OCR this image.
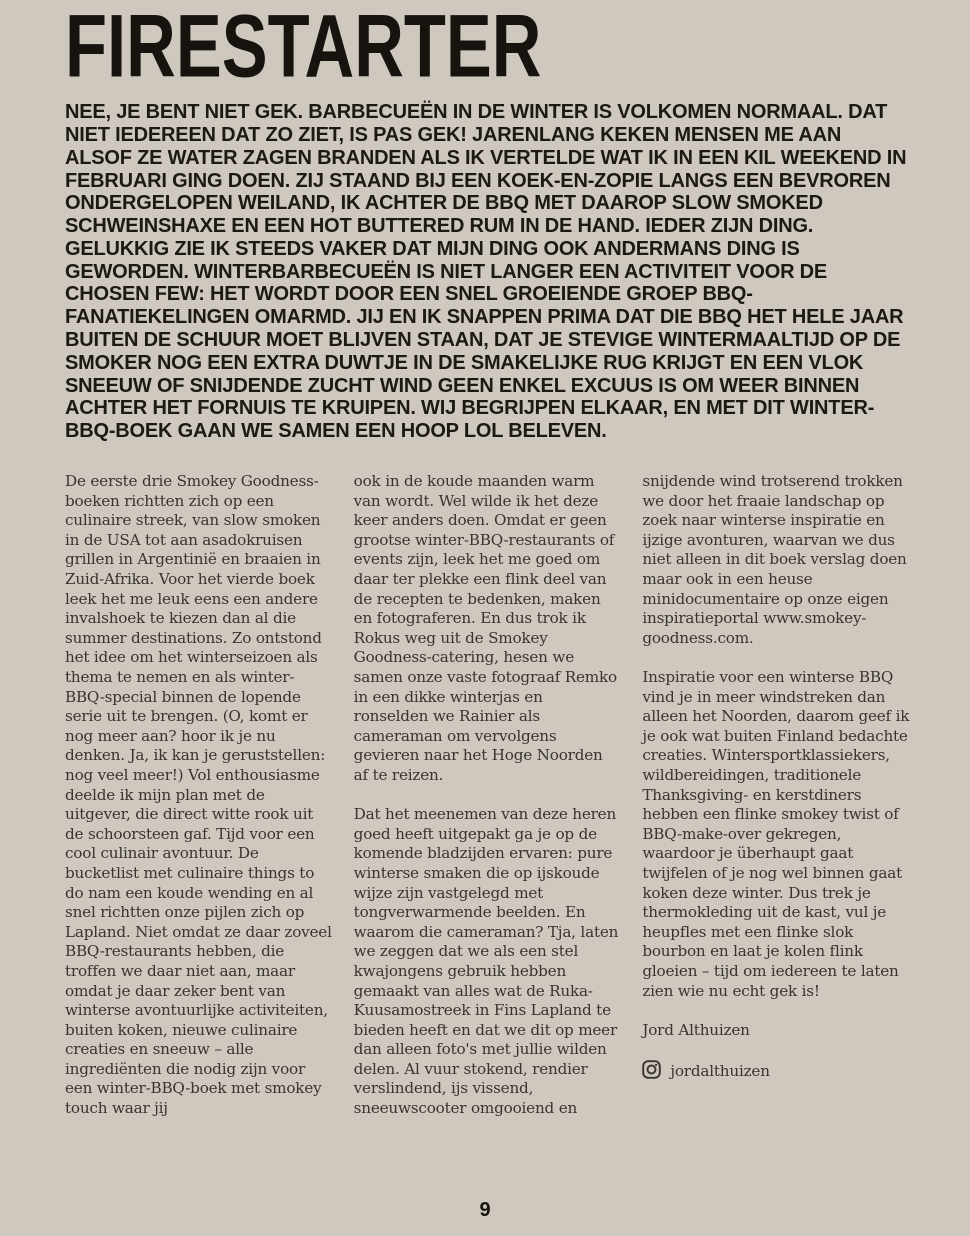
FIRESTARTER
NEE, JE BENT NIET GEK. BARBECUEËN IN DE WINTER IS VOLKOMEN NORMAAL. DAT NIET IEDEREEN DAT ZO ZIET, IS PAS GEK! JARENLANG KEKEN MENSEN ME AAN ALSOF ZE WATER ZAGEN BRANDEN ALS IK VERTELDE WAT IK IN EEN KIL WEEKEND IN FEBRUARI GING DOEN. ZIJ STAAND BIJ EEN KOEK-EN-ZOPIE LANGS EEN BEVROREN ONDERGELOPEN WEILAND, IK ACHTER DE BBQ MET DAAROP SLOW SMOKED SCHWEINSHAXE EN EEN HOT BUTTERED RUM IN DE HAND. IEDER ZIJN DING. GELUKKIG ZIE IK STEEDS VAKER DAT MIJN DING OOK ANDERMANS DING IS GEWORDEN. WINTERBARBECUEËN IS NIET LANGER EEN ACTIVITEIT VOOR DE CHOSEN FEW: HET WORDT DOOR EEN SNEL GROEIENDE GROEP BBQ-FANATIEKELINGEN OMARMD. JIJ EN IK SNAPPEN PRIMA DAT DIE BBQ HET HELE JAAR BUITEN DE SCHUUR MOET BLIJVEN STAAN, DAT JE STEVIGE WINTERMAALTIJD OP DE SMOKER NOG EEN EXTRA DUWTJE IN DE SMAKELIJKE RUG KRIJGT EN EEN VLOK SNEEUW OF SNIJDENDE ZUCHT WIND GEEN ENKEL EXCUUS IS OM WEER BINNEN ACHTER HET FORNUIS TE KRUIPEN. WIJ BEGRIJPEN ELKAAR, EN MET DIT WINTER-BBQ-BOEK GAAN WE SAMEN EEN HOOP LOL BELEVEN.

De eerste drie Smokey Goodness-boeken richtten zich op een culinaire streek, van slow smoken in de USA tot aan asadokruisen grillen in Argentinië en braaien in Zuid-Afrika. Voor het vierde boek leek het me leuk eens een andere invalshoek te kiezen dan al die summer destinations. Zo ontstond het idee om het winterseizoen als thema te nemen en als winter-BBQ-special binnen de lopende serie uit te brengen. (O, komt er nog meer aan? hoor ik je nu denken. Ja, ik kan je geruststellen: nog veel meer!) Vol enthousiasme deelde ik mijn plan met de uitgever, die direct witte rook uit de schoorsteen gaf. Tijd voor een cool culinair avontuur. De bucketlist met culinaire things to do nam een koude wending en al snel richtten onze pijlen zich op Lapland. Niet omdat ze daar zoveel BBQ-restaurants hebben, die troffen we daar niet aan, maar omdat je daar zeker bent van winterse avontuurlijke activiteiten, buiten koken, nieuwe culinaire creaties en sneeuw – alle ingrediënten die nodig zijn voor een winter-BBQ-boek met smokey touch waar jij

ook in de koude maanden warm van wordt. Wel wilde ik het deze keer anders doen. Omdat er geen grootse winter-BBQ-restaurants of events zijn, leek het me goed om daar ter plekke een flink deel van de recepten te bedenken, maken en fotograferen. En dus trok ik Rokus weg uit de Smokey Goodness-catering, hesen we samen onze vaste fotograaf Remko in een dikke winterjas en ronselden we Rainier als cameraman om vervolgens gevieren naar het Hoge Noorden af te reizen.

Dat het meenemen van deze heren goed heeft uitgepakt ga je op de komende bladzijden ervaren: pure winterse smaken die op ijskoude wijze zijn vastgelegd met tongverwarmende beelden. En waarom die cameraman? Tja, laten we zeggen dat we als een stel kwajongens gebruik hebben gemaakt van alles wat de Ruka-Kuusamostreek in Fins Lapland te bieden heeft en dat we dit op meer dan alleen foto's met jullie wilden delen. Al vuur stokend, rendier verslindend, ijs vissend, sneeuwscooter omgooiend en

snijdende wind trotserend trokken we door het fraaie landschap op zoek naar winterse inspiratie en ijzige avonturen, waarvan we dus niet alleen in dit boek verslag doen maar ook in een heuse minidocumentaire op onze eigen inspiratieportal www.smokey-goodness.com.

Inspiratie voor een winterse BBQ vind je in meer windstreken dan alleen het Noorden, daarom geef ik je ook wat buiten Finland bedachte creaties. Wintersportklassiekers, wildbereidingen, traditionele Thanksgiving- en kerstdiners hebben een flinke smokey twist of BBQ-make-over gekregen, waardoor je überhaupt gaat twijfelen of je nog wel binnen gaat koken deze winter. Dus trek je thermokleding uit de kast, vul je heupfles met een flinke slok bourbon en laat je kolen flink gloeien – tijd om iedereen te laten zien wie nu echt gek is!

Jord Althuizen

jordalthuizen
9
